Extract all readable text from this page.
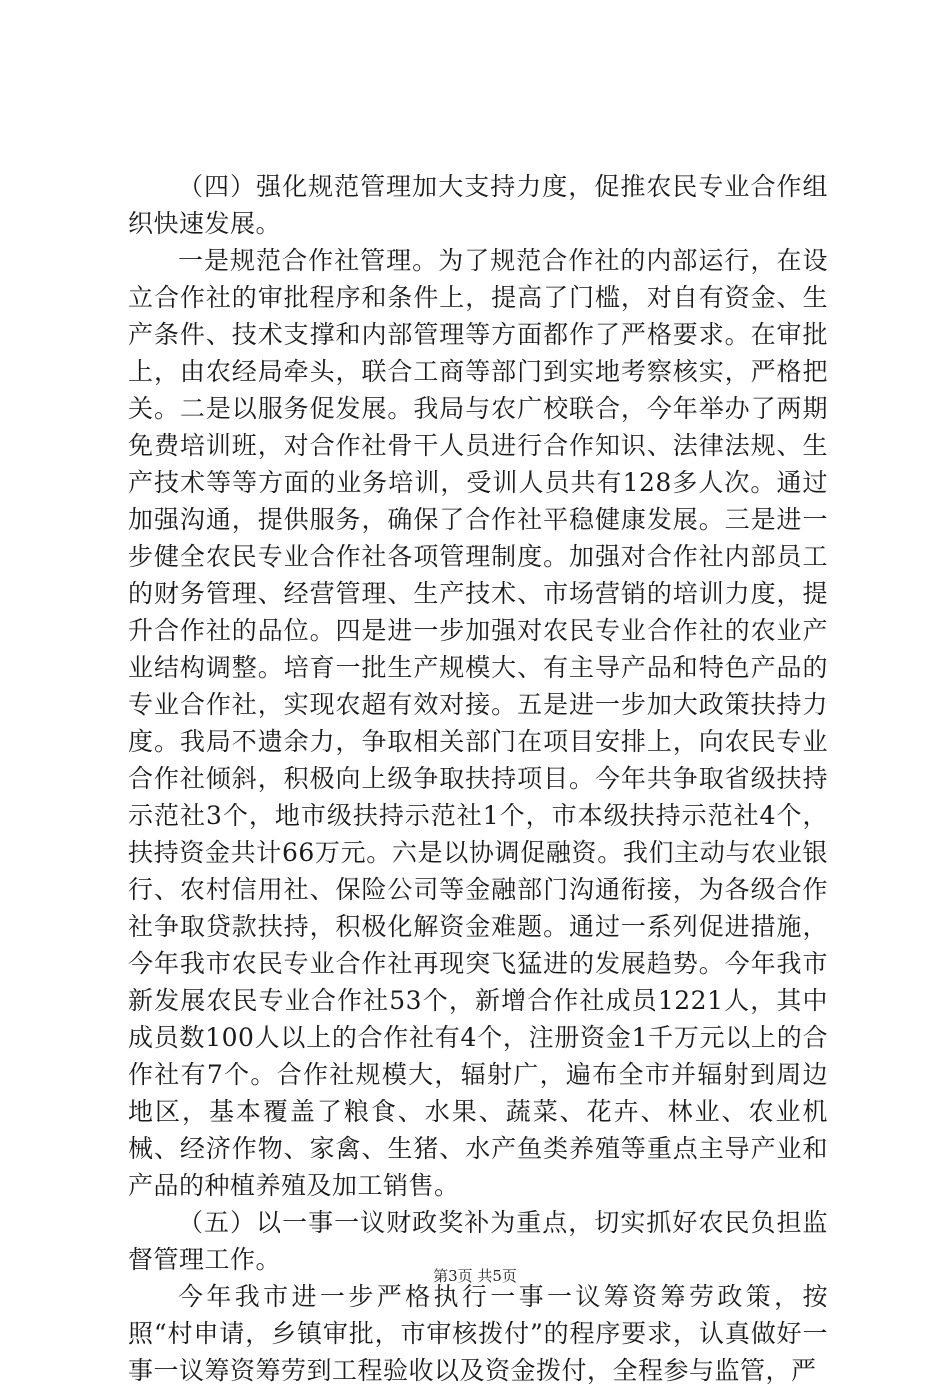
（四）强化规范管理加大支持力度，促推农民专业合作组织快速发展。

一是规范合作社管理。为了规范合作社的内部运行，在设立合作社的审批程序和条件上，提高了门槛，对自有资金、生产条件、技术支撑和内部管理等方面都作了严格要求。在审批上，由农经局牵头，联合工商等部门到实地考察核实，严格把关。二是以服务促发展。我局与农广校联合，今年举办了两期免费培训班，对合作社骨干人员进行合作知识、法律法规、生产技术等等方面的业务培训，受训人员共有128多人次。通过加强沟通，提供服务，确保了合作社平稳健康发展。三是进一步健全农民专业合作社各项管理制度。加强对合作社内部员工的财务管理、经营管理、生产技术、市场营销的培训力度，提升合作社的品位。四是进一步加强对农民专业合作社的农业产业结构调整。培育一批生产规模大、有主导产品和特色产品的专业合作社，实现农超有效对接。五是进一步加大政策扶持力度。我局不遗余力，争取相关部门在项目安排上，向农民专业合作社倾斜，积极向上级争取扶持项目。今年共争取省级扶持示范社3个，地市级扶持示范社1个，市本级扶持示范社4个，扶持资金共计66万元。六是以协调促融资。我们主动与农业银行、农村信用社、保险公司等金融部门沟通衔接，为各级合作社争取贷款扶持，积极化解资金难题。通过一系列促进措施，今年我市农民专业合作社再现突飞猛进的发展趋势。今年我市新发展农民专业合作社53个，新增合作社成员1221人，其中成员数100人以上的合作社有4个，注册资金1千万元以上的合作社有7个。合作社规模大，辐射广，遍布全市并辐射到周边地区，基本覆盖了粮食、水果、蔬菜、花卉、林业、农业机械、经济作物、家禽、生猪、水产鱼类养殖等重点主导产业和产品的种植养殖及加工销售。

（五）以一事一议财政奖补为重点，切实抓好农民负担监督管理工作。

今年我市进一步严格执行一事一议筹资筹劳政策，按照“村申请，乡镇审批，市审核拨付”的程序要求，认真做好一事一议筹资筹劳到工程验收以及资金拨付，全程参与监管，严

第3页 共5页
